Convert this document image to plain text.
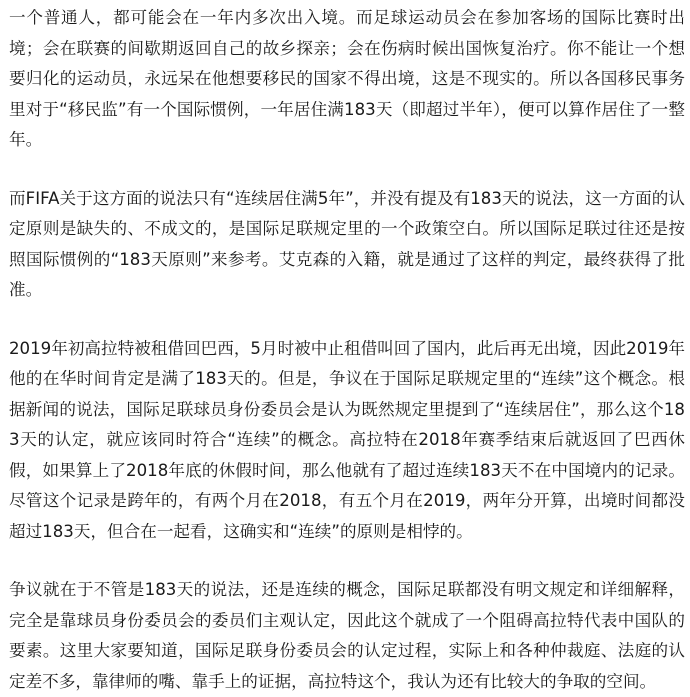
一个普通人，都可能会在一年内多次出入境。而足球运动员会在参加客场的国际比赛时出境；会在联赛的间歇期返回自己的故乡探亲；会在伤病时候出国恢复治疗。你不能让一个想要归化的运动员，永远呆在他想要移民的国家不得出境，这是不现实的。所以各国移民事务里对于“移民监”有一个国际惯例，一年居住满183天（即超过半年），便可以算作居住了一整年。

而FIFA关于这方面的说法只有“连续居住满5年”，并没有提及有183天的说法，这一方面的认定原则是缺失的、不成文的，是国际足联规定里的一个政策空白。所以国际足联过往还是按照国际惯例的“183天原则”来参考。艾克森的入籍，就是通过了这样的判定，最终获得了批准。

2019年初高拉特被租借回巴西，5月时被中止租借叫回了国内，此后再无出境，因此2019年他的在华时间肯定是满了183天的。但是，争议在于国际足联规定里的“连续”这个概念。根据新闻的说法，国际足联球员身份委员会是认为既然规定里提到了“连续居住”，那么这个183天的认定，就应该同时符合“连续”的概念。高拉特在2018年赛季结束后就返回了巴西休假，如果算上了2018年底的休假时间，那么他就有了超过连续183天不在中国境内的记录。尽管这个记录是跨年的，有两个月在2018，有五个月在2019，两年分开算，出境时间都没超过183天，但合在一起看，这确实和“连续”的原则是相悖的。

争议就在于不管是183天的说法，还是连续的概念，国际足联都没有明文规定和详细解释，完全是靠球员身份委员会的委员们主观认定，因此这个就成了一个阻碍高拉特代表中国队的要素。这里大家要知道，国际足联身份委员会的认定过程，实际上和各种仲裁庭、法庭的认定差不多，靠律师的嘴、靠手上的证据，高拉特这个，我认为还有比较大的争取的空间。
